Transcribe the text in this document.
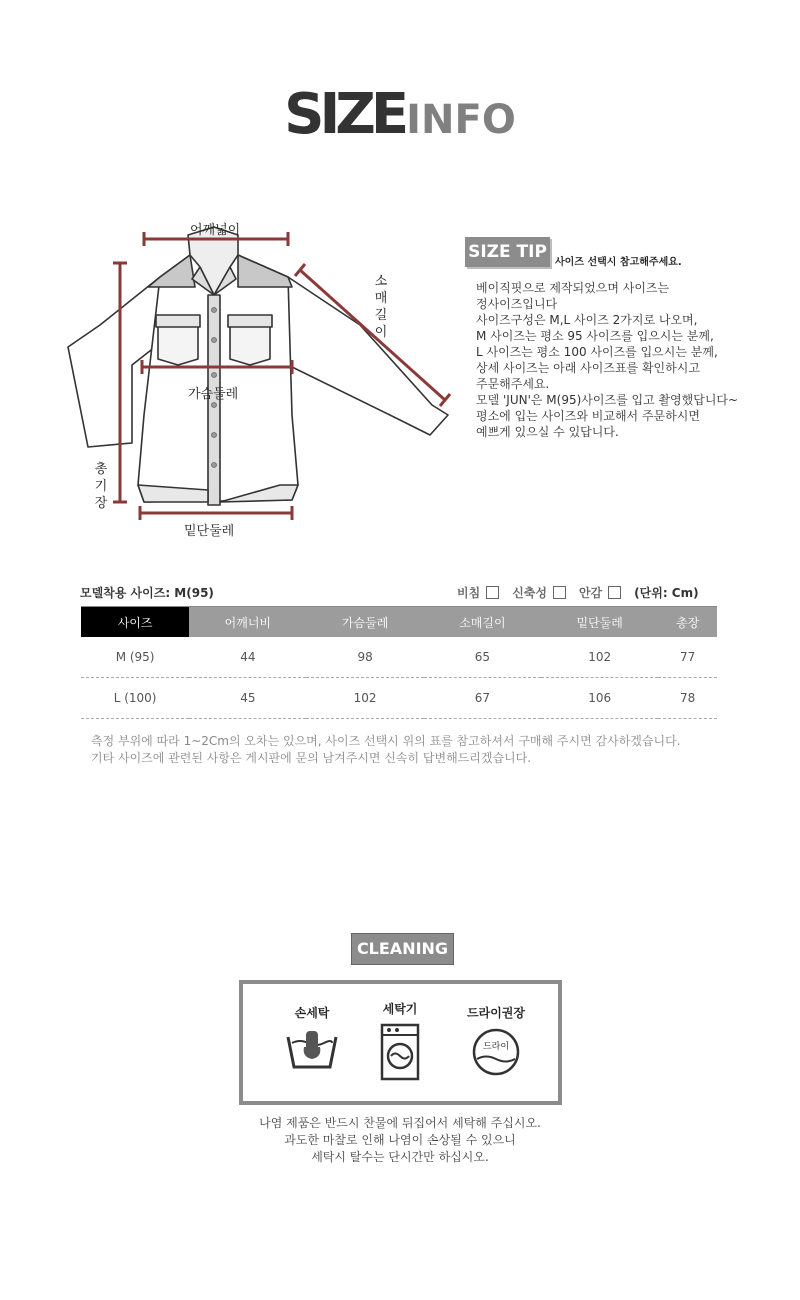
SIZEINFO
어깨넓이
가슴둘레
밑단둘레
소
매
길
이
총
기
장
SIZE TIP
사이즈 선택시 참고해주세요.
베이직핏으로 제작되었으며 사이즈는
정사이즈입니다
사이즈구성은 M,L 사이즈 2가지로 나오며,
M 사이즈는 평소 95 사이즈를 입으시는 분께,
L 사이즈는 평소 100 사이즈를 입으시는 분께,
상세 사이즈는 아래 사이즈표를 확인하시고
주문해주세요.
모델 'JUN'은 M(95)사이즈를 입고 촬영했답니다~
평소에 입는 사이즈와 비교해서 주문하시면
예쁘게 있으실 수 있답니다.
모델착용 사이즈: M(95)	비침	신축성	안감	(단위: Cm)
사이즈	어깨너비	가슴둘레	소매길이	밑단둘레	총장
M (95)	44	98	65	102	77
L (100)	45	102	67	106	78
측정 부위에 따라 1~2Cm의 오차는 있으며, 사이즈 선택시 위의 표를 참고하셔서 구매해 주시면 감사하겠습니다.
기타 사이즈에 관련된 사항은 게시판에 문의 남겨주시면 신속히 답변해드리겠습니다.
CLEANING
손세탁	세탁기	드라이권장
드라이
나염 제품은 반드시 찬물에 뒤집어서 세탁해 주십시오.
과도한 마찰로 인해 나염이 손상될 수 있으니
세탁시 탈수는 단시간만 하십시오.
